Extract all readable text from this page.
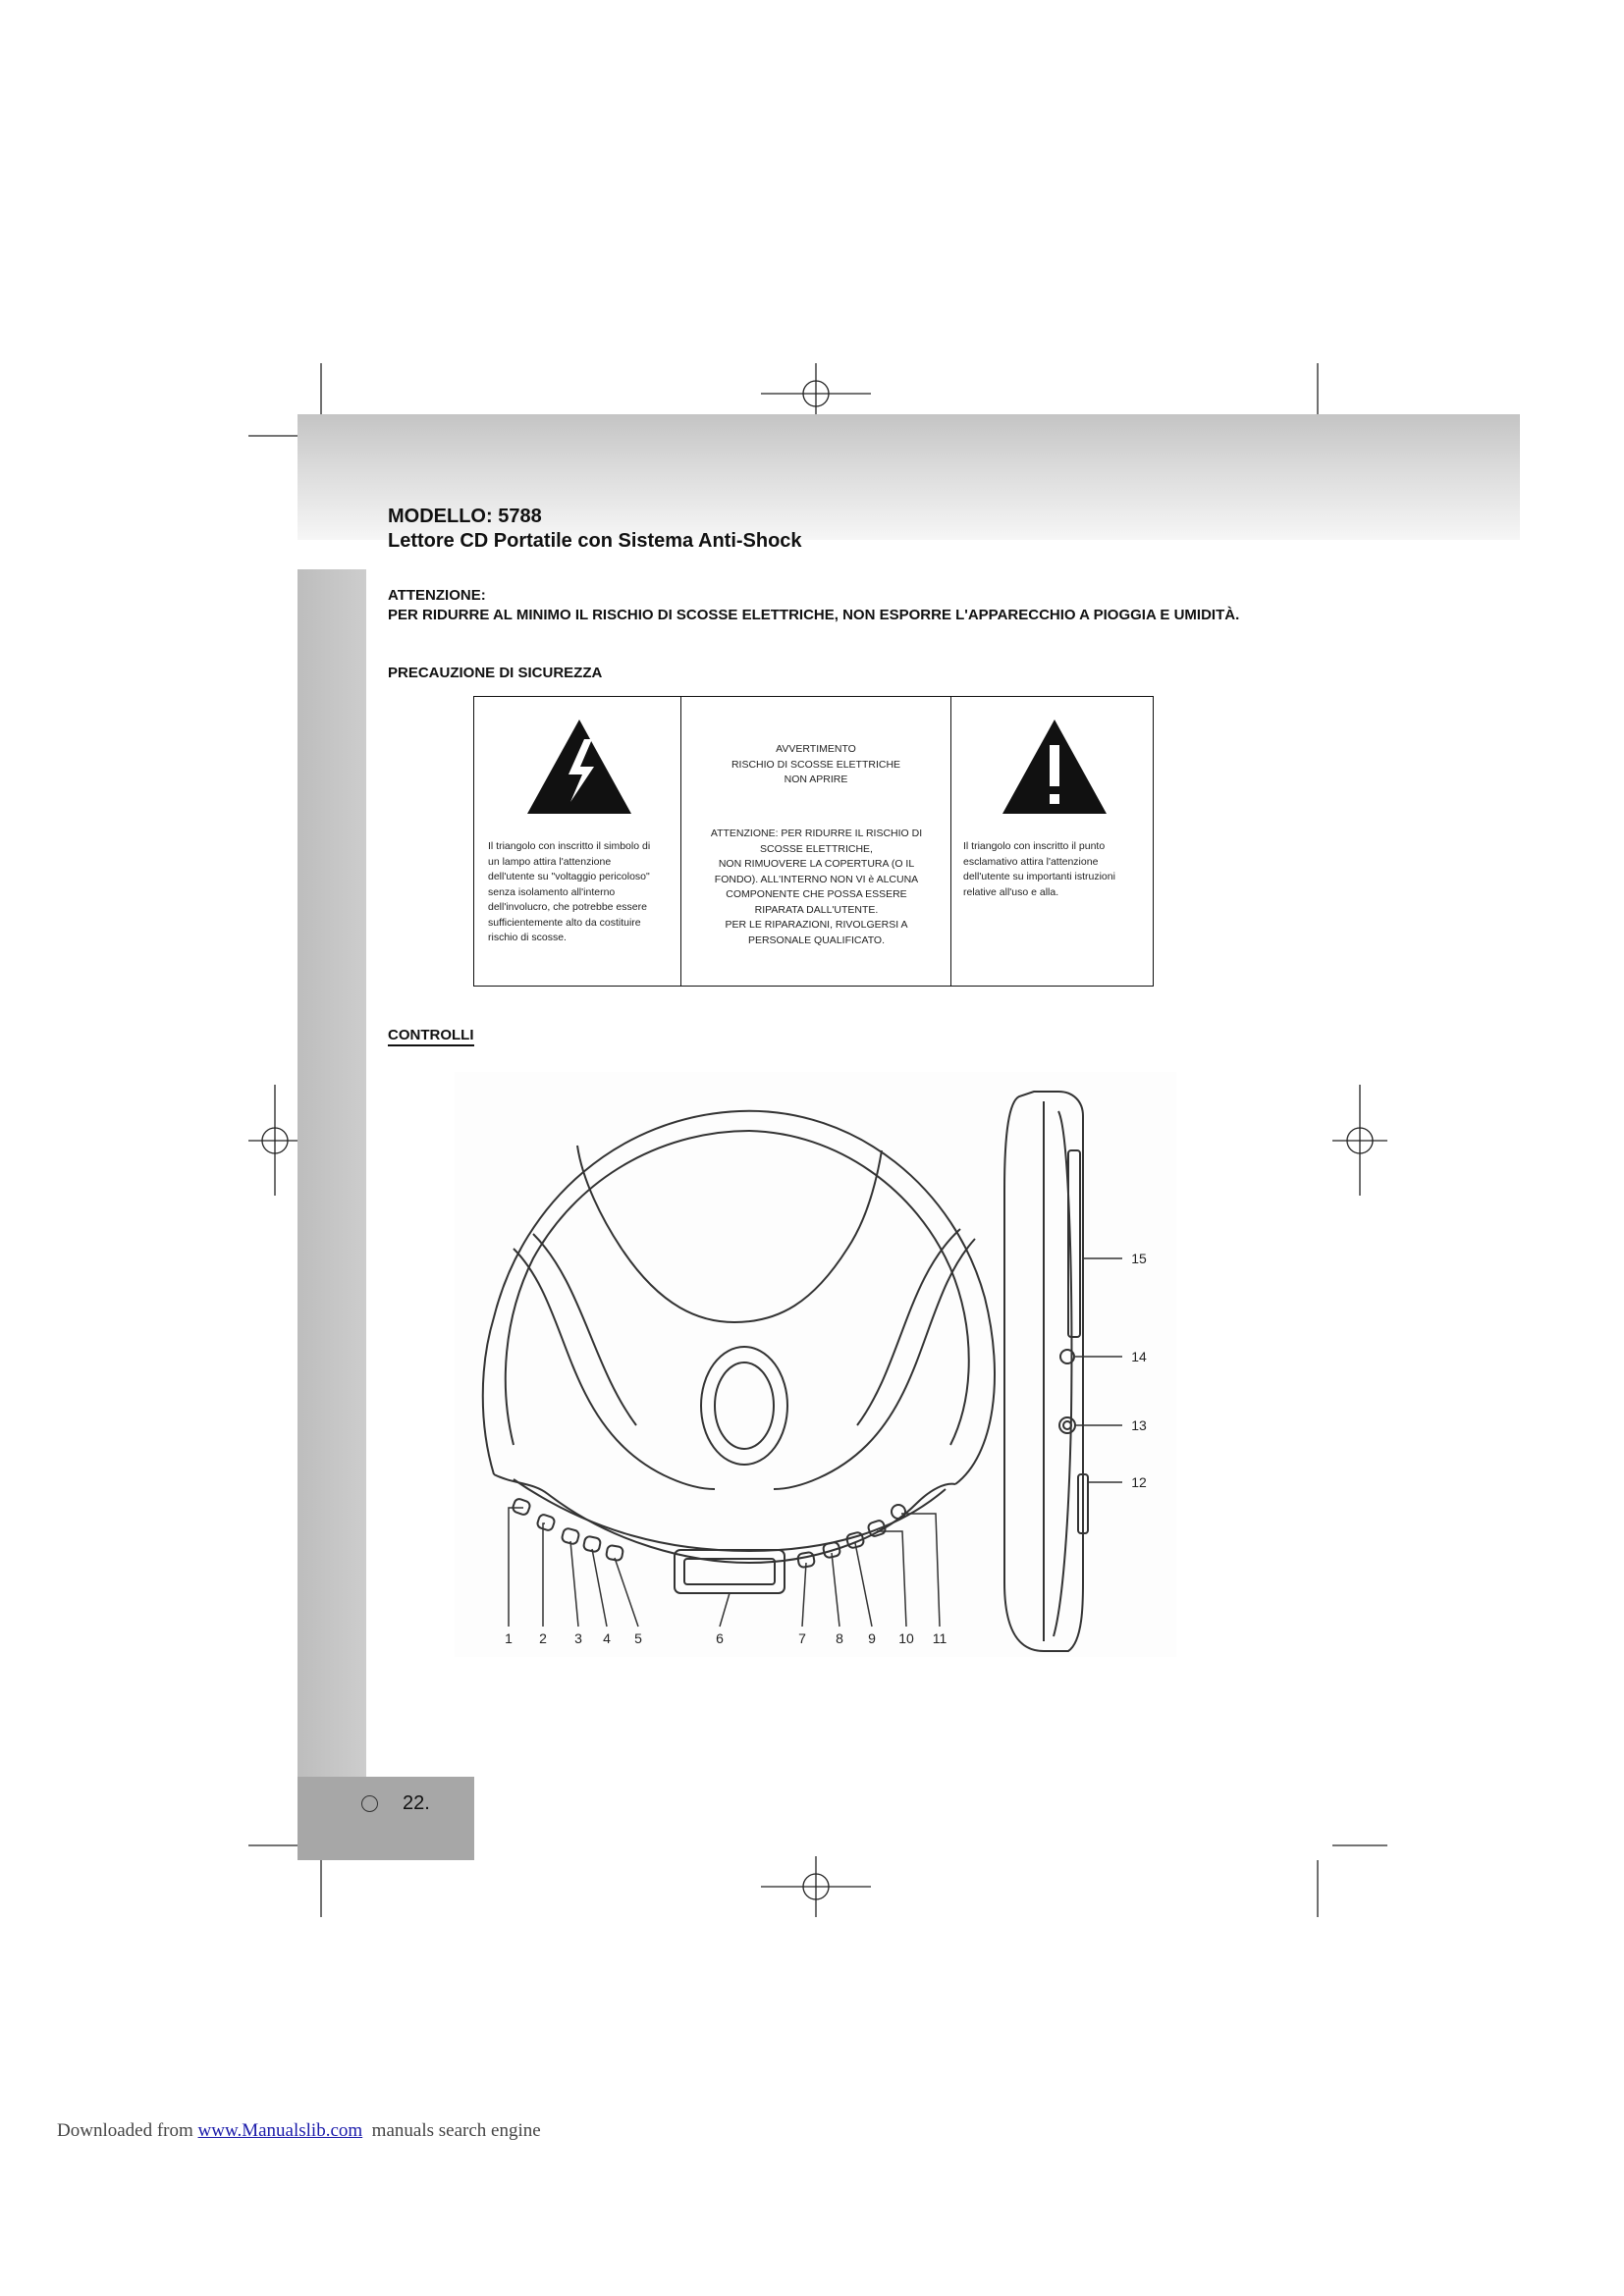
MODELLO: 5788
Lettore CD Portatile con Sistema Anti-Shock
ATTENZIONE:
PER RIDURRE AL MINIMO IL RISCHIO DI SCOSSE ELETTRICHE, NON ESPORRE L'APPARECCHIO A PIOGGIA E UMIDITÀ.
PRECAUZIONE DI SICUREZZA
Il triangolo con inscritto il simbolo di
un lampo attira l'attenzione
dell'utente su "voltaggio pericoloso"
senza isolamento all'interno
dell'involucro, che potrebbe essere
sufficientemente alto da costituire
rischio di scosse.
AVVERTIMENTO
RISCHIO DI SCOSSE ELETTRICHE
NON APRIRE
ATTENZIONE: PER RIDURRE IL RISCHIO DI
SCOSSE ELETTRICHE,
NON RIMUOVERE LA COPERTURA (O IL
FONDO). ALL'INTERNO NON VI è ALCUNA
COMPONENTE CHE POSSA ESSERE
RIPARATA DALL'UTENTE.
PER LE RIPARAZIONI, RIVOLGERSI A
PERSONALE QUALIFICATO.
Il triangolo con inscritto il punto
esclamativo attira l'attenzione
dell'utente su importanti istruzioni
relative all'uso e alla.
CONTROLLI
1 2 3 4 5	6	7 8 9 10 11
12
13
14
15
22.
Downloaded from www.Manualslib.com  manuals search engine
